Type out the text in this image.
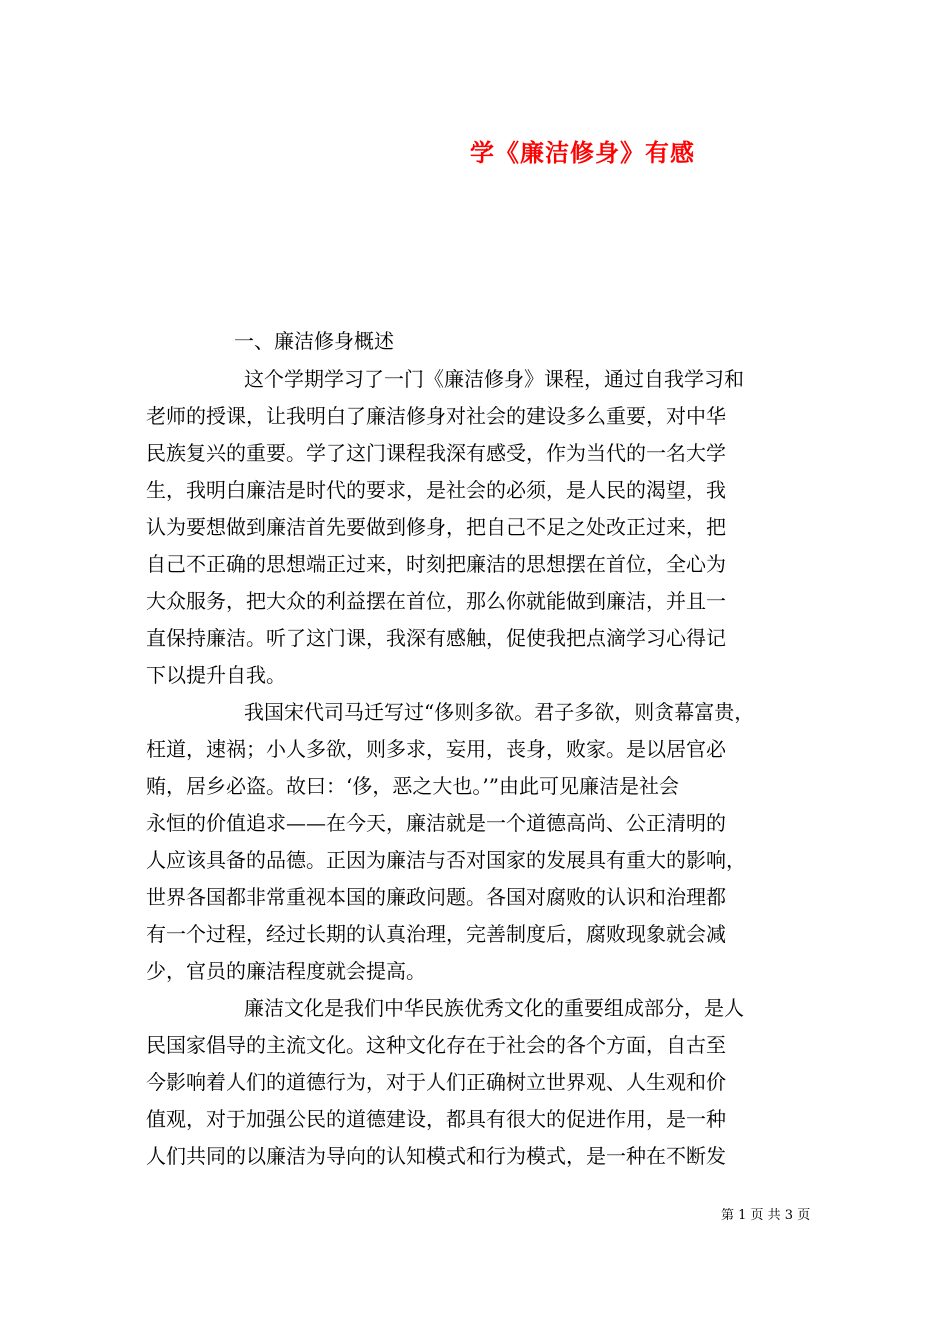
学《廉洁修身》有感
一、廉洁修身概述
这个学期学习了一门《廉洁修身》课程，通过自我学习和
老师的授课，让我明白了廉洁修身对社会的建设多么重要，对中华
民族复兴的重要。学了这门课程我深有感受，作为当代的一名大学
生，我明白廉洁是时代的要求，是社会的必须，是人民的渴望，我
认为要想做到廉洁首先要做到修身，把自己不足之处改正过来，把
自己不正确的思想端正过来，时刻把廉洁的思想摆在首位，全心为
大众服务，把大众的利益摆在首位，那么你就能做到廉洁，并且一
直保持廉洁。听了这门课，我深有感触，促使我把点滴学习心得记
下以提升自我。
我国宋代司马迁写过“侈则多欲。君子多欲，则贪幕富贵，
枉道，速祸；小人多欲，则多求，妄用，丧身，败家。是以居官必
贿，居乡必盗。故曰：‘侈，恶之大也。’”由此可见廉洁是社会
永恒的价值追求——在今天，廉洁就是一个道德高尚、公正清明的
人应该具备的品德。正因为廉洁与否对国家的发展具有重大的影响，
世界各国都非常重视本国的廉政问题。各国对腐败的认识和治理都
有一个过程，经过长期的认真治理，完善制度后，腐败现象就会减
少，官员的廉洁程度就会提高。
廉洁文化是我们中华民族优秀文化的重要组成部分，是人
民国家倡导的主流文化。这种文化存在于社会的各个方面，自古至
今影响着人们的道德行为，对于人们正确树立世界观、人生观和价
值观，对于加强公民的道德建设，都具有很大的促进作用，是一种
人们共同的以廉洁为导向的认知模式和行为模式，是一种在不断发
第 1 页 共 3 页
